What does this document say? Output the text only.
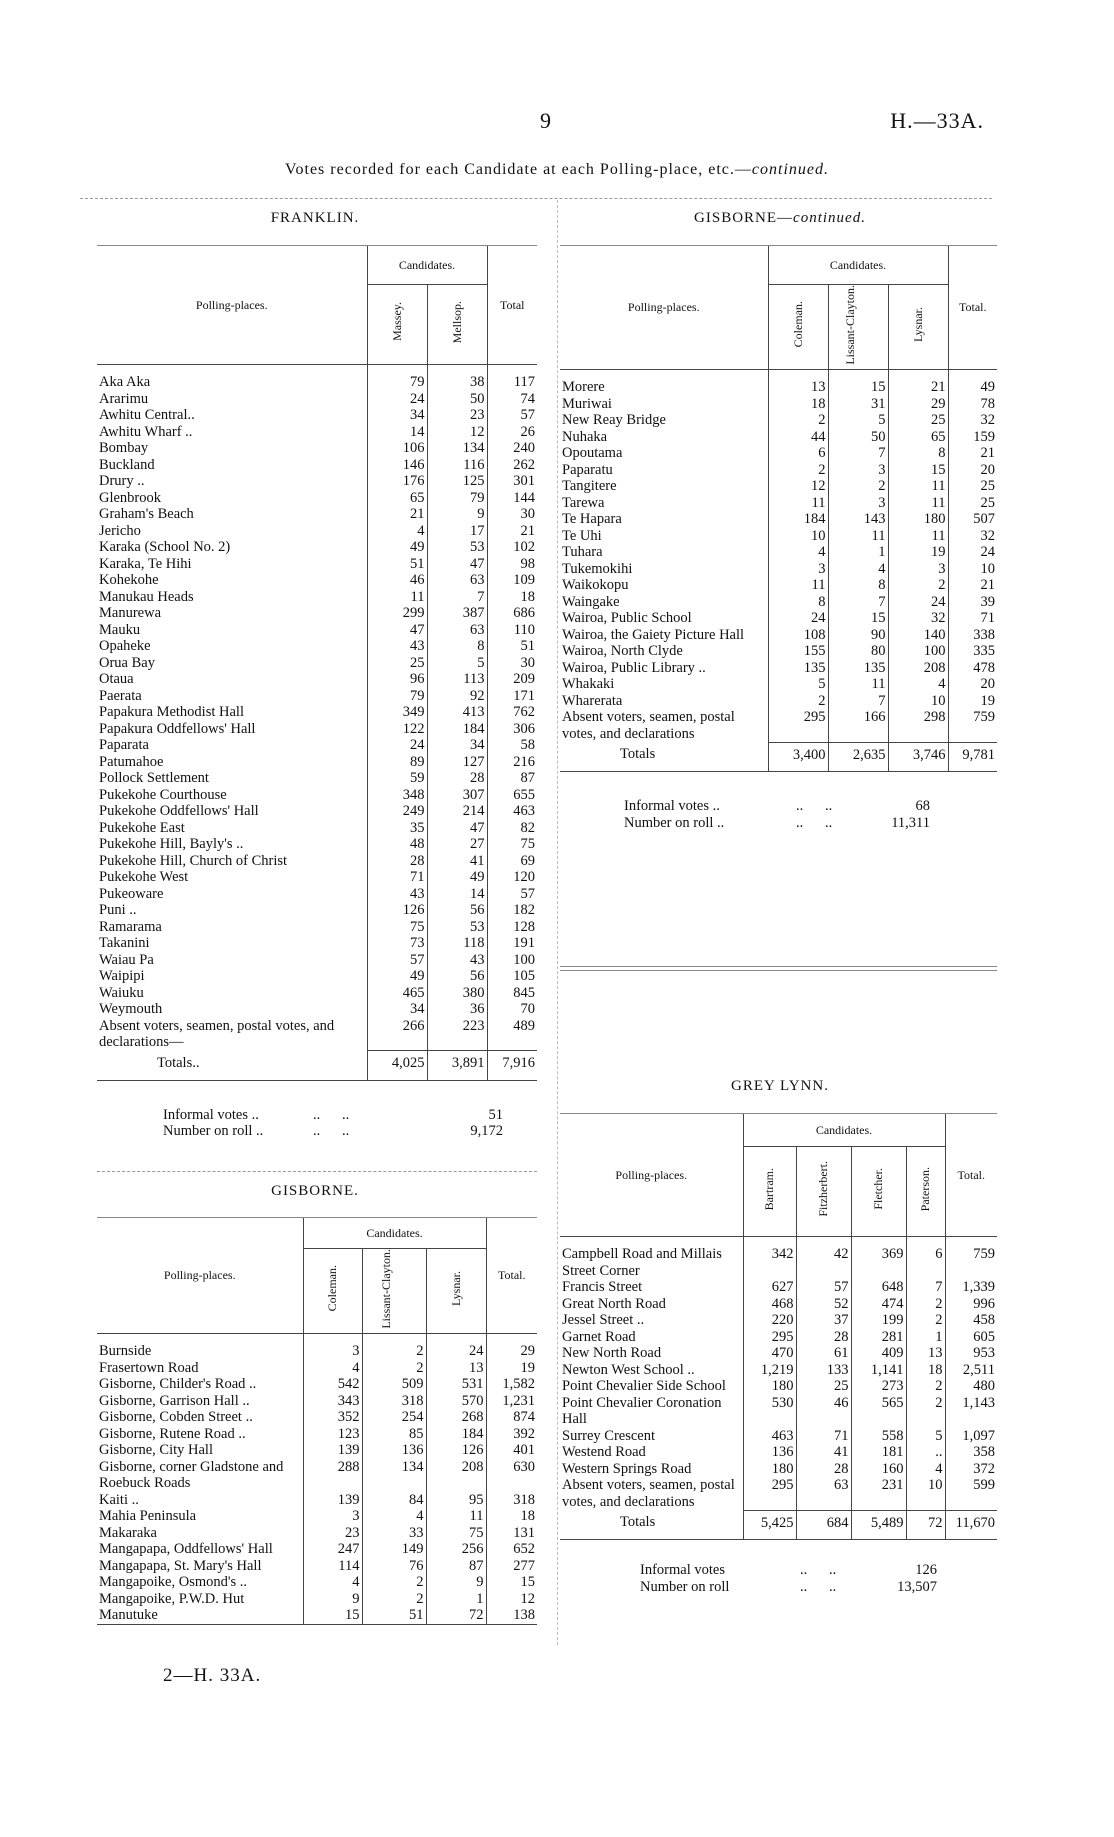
9	H.—33A.
Votes recorded for each Candidate at each Polling-place, etc.—continued.
FRANKLIN.
Polling-places.	Candidates.		Total
	Massey.	Mellsop.	

Aka Aka	79	38	117
Ararimu	24	50	74
Awhitu Central..	34	23	57
Awhitu Wharf ..	14	12	26
Bombay	106	134	240
Buckland	146	116	262
Drury ..	176	125	301
Glenbrook	65	79	144
Graham's Beach	21	9	30
Jericho	4	17	21
Karaka (School No. 2)	49	53	102
Karaka, Te Hihi	51	47	98
Kohekohe	46	63	109
Manukau Heads	11	7	18
Manurewa	299	387	686
Mauku	47	63	110
Opaheke	43	8	51
Orua Bay	25	5	30
Otaua	96	113	209
Paerata	79	92	171
Papakura Methodist Hall	349	413	762
Papakura Oddfellows' Hall	122	184	306
Paparata	24	34	58
Patumahoe	89	127	216
Pollock Settlement	59	28	87
Pukekohe Courthouse	348	307	655
Pukekohe Oddfellows' Hall	249	214	463
Pukekohe East	35	47	82
Pukekohe Hill, Bayly's ..	48	27	75
Pukekohe Hill, Church of Christ	28	41	69
Pukekohe West	71	49	120
Pukeoware	43	14	57
Puni ..	126	56	182
Ramarama	75	53	128
Takanini	73	118	191
Waiau Pa	57	43	100
Waipipi	49	56	105
Waiuku	465	380	845
Weymouth	34	36	70
Absent voters, seamen, postal votes, and declarations—	266	223	489
Totals..	4,025	3,891	7,916
Informal votes ..	..      ..	51
Number on roll ..	..      ..	9,172
GISBORNE.
Polling-places.	Candidates.			Total.
	Coleman.	Lissant-Clayton.	Lysnar.	

Burnside	3	2	24	29
Frasertown Road	4	2	13	19
Gisborne, Childer's Road ..	542	509	531	1,582
Gisborne, Garrison Hall ..	343	318	570	1,231
Gisborne, Cobden Street ..	352	254	268	874
Gisborne, Rutene Road ..	123	85	184	392
Gisborne, City Hall	139	136	126	401
Gisborne, corner Gladstone and Roebuck Roads	288	134	208	630
Kaiti ..	139	84	95	318
Mahia Peninsula	3	4	11	18
Makaraka	23	33	75	131
Mangapapa, Oddfellows' Hall	247	149	256	652
Mangapapa, St. Mary's Hall	114	76	87	277
Mangapoike, Osmond's ..	4	2	9	15
Mangapoike, P.W.D. Hut	9	2	1	12
Manutuke	15	51	72	138
GISBORNE—continued.
Polling-places.	Candidates.			Total.
	Coleman.	Lissant-Clayton.	Lysnar.	

Morere	13	15	21	49
Muriwai	18	31	29	78
New Reay Bridge	2	5	25	32
Nuhaka	44	50	65	159
Opoutama	6	7	8	21
Paparatu	2	3	15	20
Tangitere	12	2	11	25
Tarewa	11	3	11	25
Te Hapara	184	143	180	507
Te Uhi	10	11	11	32
Tuhara	4	1	19	24
Tukemokihi	3	4	3	10
Waikokopu	11	8	2	21
Waingake	8	7	24	39
Wairoa, Public School	24	15	32	71
Wairoa, the Gaiety Picture Hall	108	90	140	338
Wairoa, North Clyde	155	80	100	335
Wairoa, Public Library ..	135	135	208	478
Whakaki	5	11	4	20
Wharerata	2	7	10	19
Absent voters, seamen, postal votes, and declarations	295	166	298	759
Totals	3,400	2,635	3,746	9,781
Informal votes ..	..      ..	68
Number on roll ..	..      ..	11,311
GREY LYNN.
Polling-places.	Candidates.				Total.
	Bartram.	Fitzherbert.	Fletcher.	Paterson.	

Campbell Road and Millais Street Corner	342	42	369	6	759
Francis Street	627	57	648	7	1,339
Great North Road	468	52	474	2	996
Jessel Street ..	220	37	199	2	458
Garnet Road	295	28	281	1	605
New North Road	470	61	409	13	953
Newton West School ..	1,219	133	1,141	18	2,511
Point Chevalier Side School	180	25	273	2	480
Point Chevalier Coronation Hall	530	46	565	2	1,143
Surrey Crescent	463	71	558	5	1,097
Westend Road	136	41	181	..	358
Western Springs Road	180	28	160	4	372
Absent voters, seamen, postal votes, and declarations	295	63	231	10	599
Totals	5,425	684	5,489	72	11,670
Informal votes	..      ..	126
Number on roll	..      ..	13,507
2—H. 33A.
